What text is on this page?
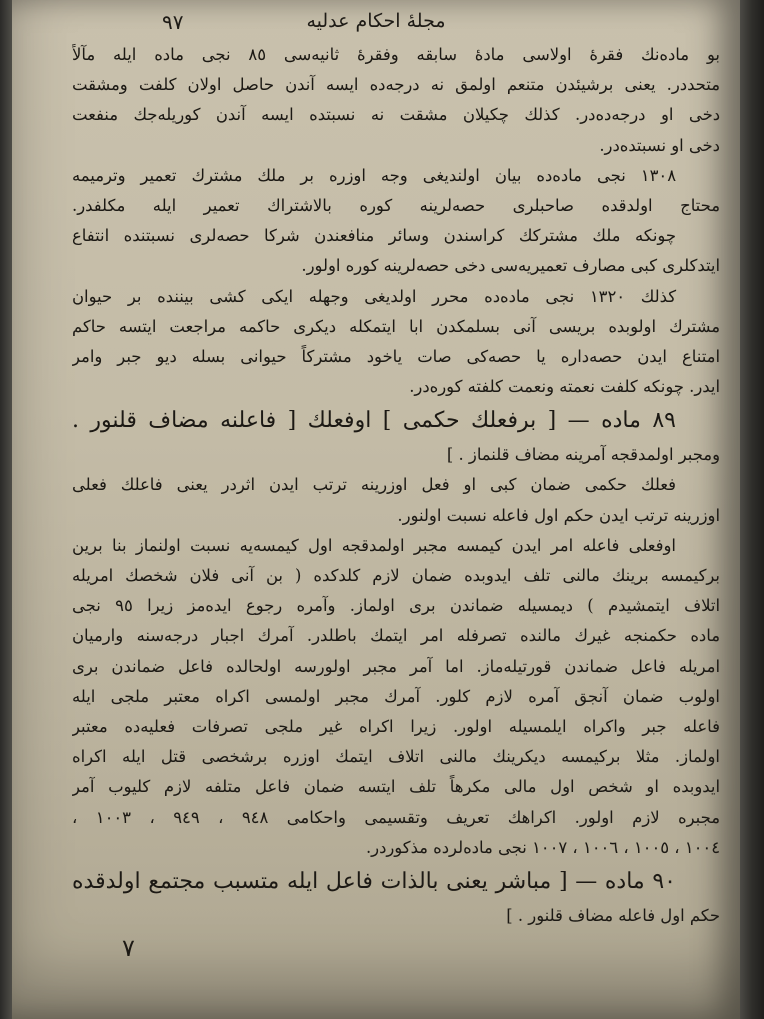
مجلهٔ احكام عدليه
٩٧
بو ماده‌نك فقرهٔ اولاسی مادهٔ سابقه وفقرهٔ ثانیه‌سی ٨٥ نجی ماده ایله مآلاً
متحددر. یعنی برشیئدن متنعم اولمق نه درجه‌ده ایسه آندن حاصل اولان كلفت ومشقت
دخی او درجه‌ده‌در. كذلك چكیلان مشقت نه نسبتده ایسه آندن كوریله‌جك منفعت
دخی او نسبتده‌در.
١٣٠٨ نجی ماده‌ده بیان اولندیغی وجه اوزره بر ملك مشترك تعمیر وترمیمه
محتاج اولدقده صاحبلری حصه‌لرینه كوره بالاشتراك تعمیر ایله مكلفدر.
چونكه ملك مشتركك كراسندن وسائر منافعندن شركا حصه‌لری نسبتنده انتفاع
ایتدكلری كبی مصارف تعمیریه‌سی دخی حصه‌لرینه كوره اولور.
كذلك ١٣٢٠ نجی ماده‌ده محرر اولدیغی وجهله ایكی كشی بیننده بر حیوان
مشترك اولوبده بریسی آنی بسلمكدن ابا ایتمكله دیكری حاكمه مراجعت ایتسه حاكم
امتناع ایدن حصه‌داره یا حصه‌كی صات یاخود مشتركاً حیوانی بسله دیو جبر وامر
ایدر. چونكه كلفت نعمته ونعمت كلفته كوره‌در.
٨٩ ماده — [ برفعلك حكمی ] اوفعلك [ فاعلنه مضاف قلنور .
ومجبر اولمدقجه آمرینه مضاف قلنماز . ]
فعلك حكمی ضمان كبی او فعل اوزرینه ترتب ایدن اثردر یعنی فاعلك فعلی
اوزرینه ترتب ایدن حكم اول فاعله نسبت اولنور.
اوفعلی فاعله امر ایدن كیمسه مجبر اولمدقجه اول كیمسه‌یه نسبت اولنماز بنا برین
بركیمسه برینك مالنی تلف ایدوبده ضمان لازم كلدكده ( بن آنی فلان شخصك امریله
اتلاف ایتمشیدم ) دیمسیله ضماندن بری اولماز. وآمره رجوع ایده‌مز زیرا ٩٥ نجی
ماده حكمنجه غیرك مالنده تصرفله امر ایتمك باطلدر. آمرك اجبار درجه‌سنه وارمیان
امریله فاعل ضماندن قورتیله‌ماز. اما آمر مجبر اولورسه اولحالده فاعل ضماندن بری
اولوب ضمان آنجق آمره لازم كلور. آمرك مجبر اولمسی اكراه معتبر ملجی ایله
فاعله جبر واكراه ایلمسیله اولور. زیرا اكراه غیر ملجی تصرفات فعلیه‌ده معتبر
اولماز. مثلا بركیمسه دیكرینك مالنی اتلاف ایتمك اوزره برشخصی قتل ایله اكراه
ایدوبده او شخص اول مالی مكرهاً تلف ایتسه ضمان فاعل متلفه لازم كلیوب آمر
مجبره لازم اولور. اكراهك تعریف وتقسیمی واحكامی ٩٤٨ ، ٩٤٩ ، ١٠٠٣ ،
١٠٠٤ ، ١٠٠٥ ، ١٠٠٦ ، ١٠٠٧ نجی ماده‌لرده مذكوردر.
٩٠ ماده — [ مباشر یعنی بالذات فاعل ایله متسبب مجتمع اولدقده
حكم اول فاعله مضاف قلنور . ]
٧
